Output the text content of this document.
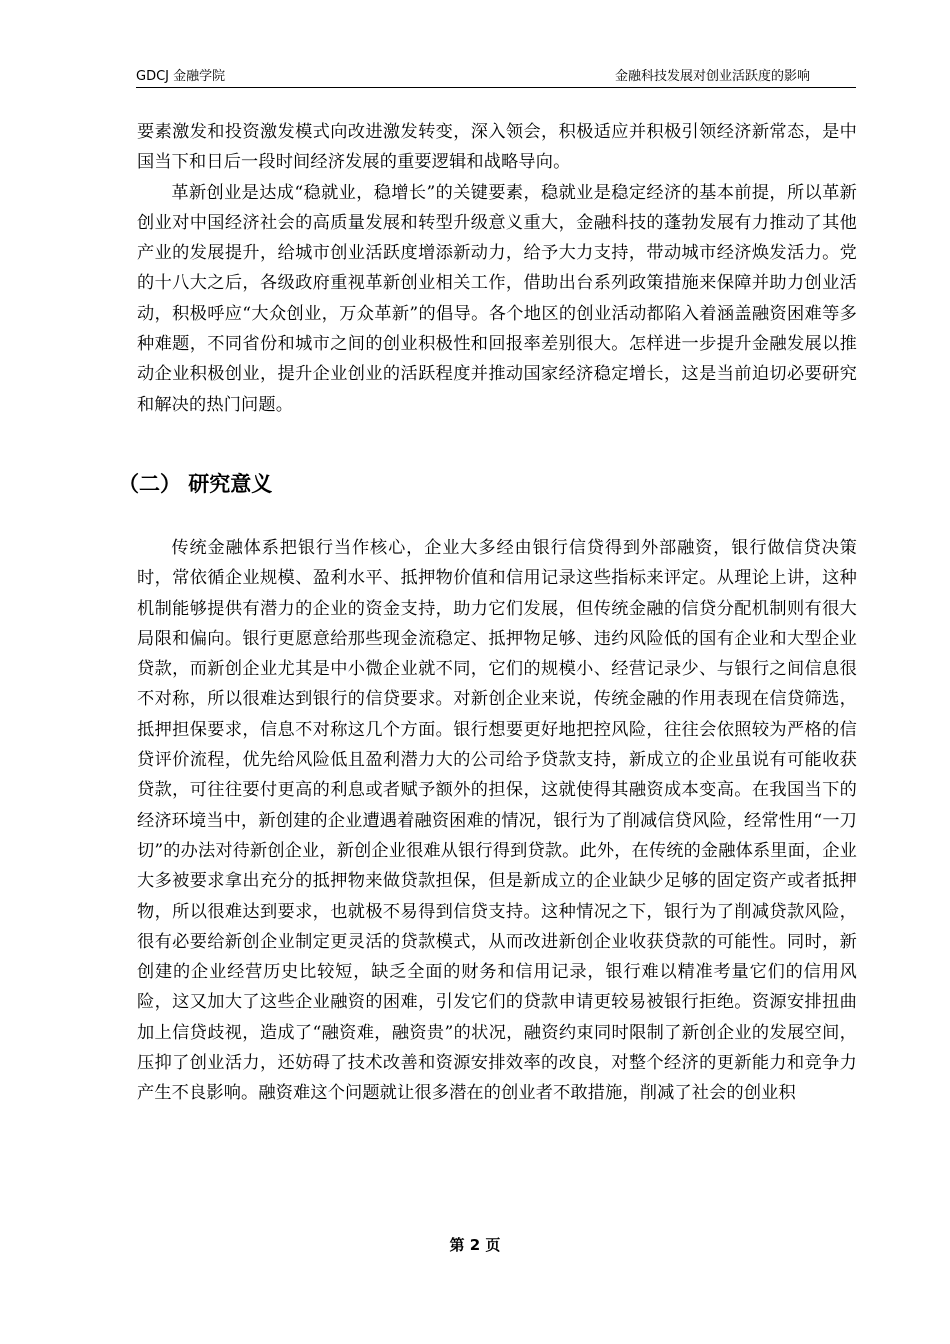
GDCJ 金融学院	金融科技发展对创业活跃度的影响

要素激发和投资激发模式向改进激发转变，深入领会，积极适应并积极引领经济新常态，是中国当下和日后一段时间经济发展的重要逻辑和战略导向。

革新创业是达成“稳就业，稳增长”的关键要素，稳就业是稳定经济的基本前提，所以革新创业对中国经济社会的高质量发展和转型升级意义重大，金融科技的蓬勃发展有力推动了其他产业的发展提升，给城市创业活跃度增添新动力，给予大力支持，带动城市经济焕发活力。党的十八大之后，各级政府重视革新创业相关工作，借助出台系列政策措施来保障并助力创业活动，积极呼应“大众创业，万众革新”的倡导。各个地区的创业活动都陷入着涵盖融资困难等多种难题，不同省份和城市之间的创业积极性和回报率差别很大。怎样进一步提升金融发展以推动企业积极创业，提升企业创业的活跃程度并推动国家经济稳定增长，这是当前迫切必要研究和解决的热门问题。

（二） 研究意义

传统金融体系把银行当作核心，企业大多经由银行信贷得到外部融资，银行做信贷决策时，常依循企业规模、盈利水平、抵押物价值和信用记录这些指标来评定。从理论上讲，这种机制能够提供有潜力的企业的资金支持，助力它们发展，但传统金融的信贷分配机制则有很大局限和偏向。银行更愿意给那些现金流稳定、抵押物足够、违约风险低的国有企业和大型企业贷款，而新创企业尤其是中小微企业就不同，它们的规模小、经营记录少、与银行之间信息很不对称，所以很难达到银行的信贷要求。对新创企业来说，传统金融的作用表现在信贷筛选，抵押担保要求，信息不对称这几个方面。银行想要更好地把控风险，往往会依照较为严格的信贷评价流程，优先给风险低且盈利潜力大的公司给予贷款支持，新成立的企业虽说有可能收获贷款，可往往要付更高的利息或者赋予额外的担保，这就使得其融资成本变高。在我国当下的经济环境当中，新创建的企业遭遇着融资困难的情况，银行为了削减信贷风险，经常性用“一刀切”的办法对待新创企业，新创企业很难从银行得到贷款。此外，在传统的金融体系里面，企业大多被要求拿出充分的抵押物来做贷款担保，但是新成立的企业缺少足够的固定资产或者抵押物，所以很难达到要求，也就极不易得到信贷支持。这种情况之下，银行为了削减贷款风险，很有必要给新创企业制定更灵活的贷款模式，从而改进新创企业收获贷款的可能性。同时，新创建的企业经营历史比较短，缺乏全面的财务和信用记录，银行难以精准考量它们的信用风险，这又加大了这些企业融资的困难，引发它们的贷款申请更较易被银行拒绝。资源安排扭曲加上信贷歧视，造成了“融资难，融资贵”的状况，融资约束同时限制了新创企业的发展空间，压抑了创业活力，还妨碍了技术改善和资源安排效率的改良，对整个经济的更新能力和竞争力产生不良影响。融资难这个问题就让很多潜在的创业者不敢措施，削减了社会的创业积

第 2 页
